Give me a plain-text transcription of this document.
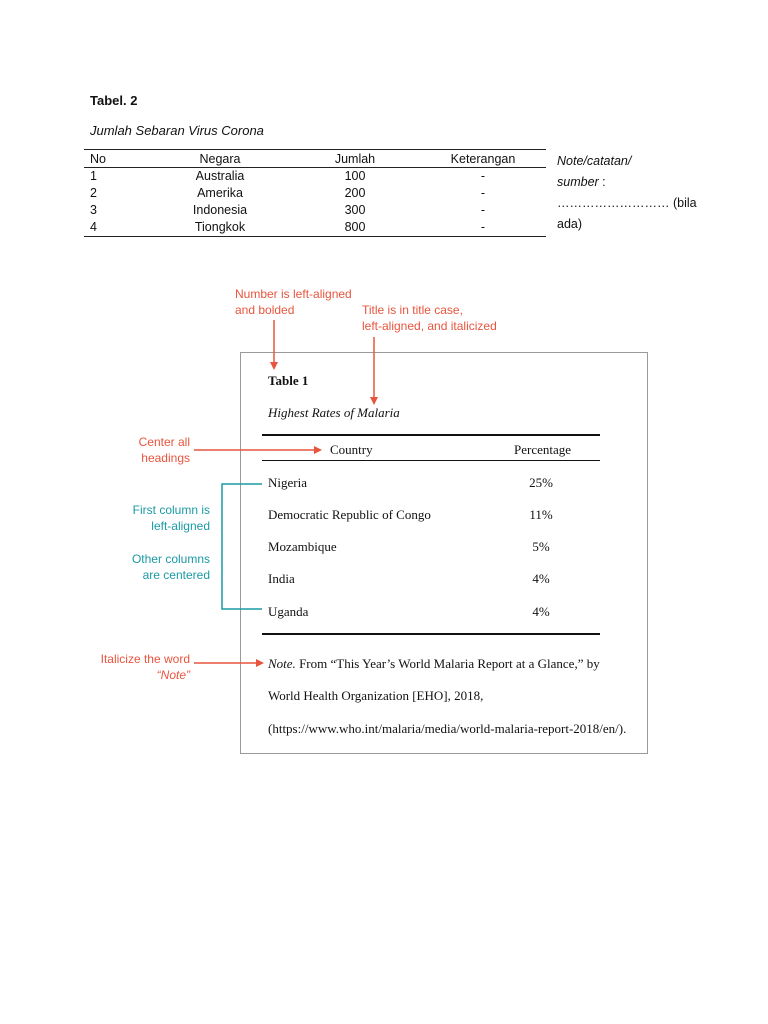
Tabel. 2
Jumlah Sebaran Virus Corona
No	Negara	Jumlah	Keterangan
1	Australia	100	-
2	Amerika	200	-
3	Indonesia	300	-
4	Tiongkok	800	-
Note/catatan/
sumber :
……………………… (bila
ada)
Table 1
Highest Rates of Malaria
Country	Percentage
Nigeria	25%
Democratic Republic of Congo	11%
Mozambique	5%
India	4%
Uganda	4%
Note. From “This Year’s World Malaria Report at a Glance,” by
World Health Organization [EHO], 2018,
(https://www.who.int/malaria/media/world-malaria-report-2018/en/).
Number is left-aligned
and bolded	Title is in title case,
left-aligned, and italicized
Center all
headings
First column is
left-aligned
Other columns
are centered
Italicize the word
“Note”
